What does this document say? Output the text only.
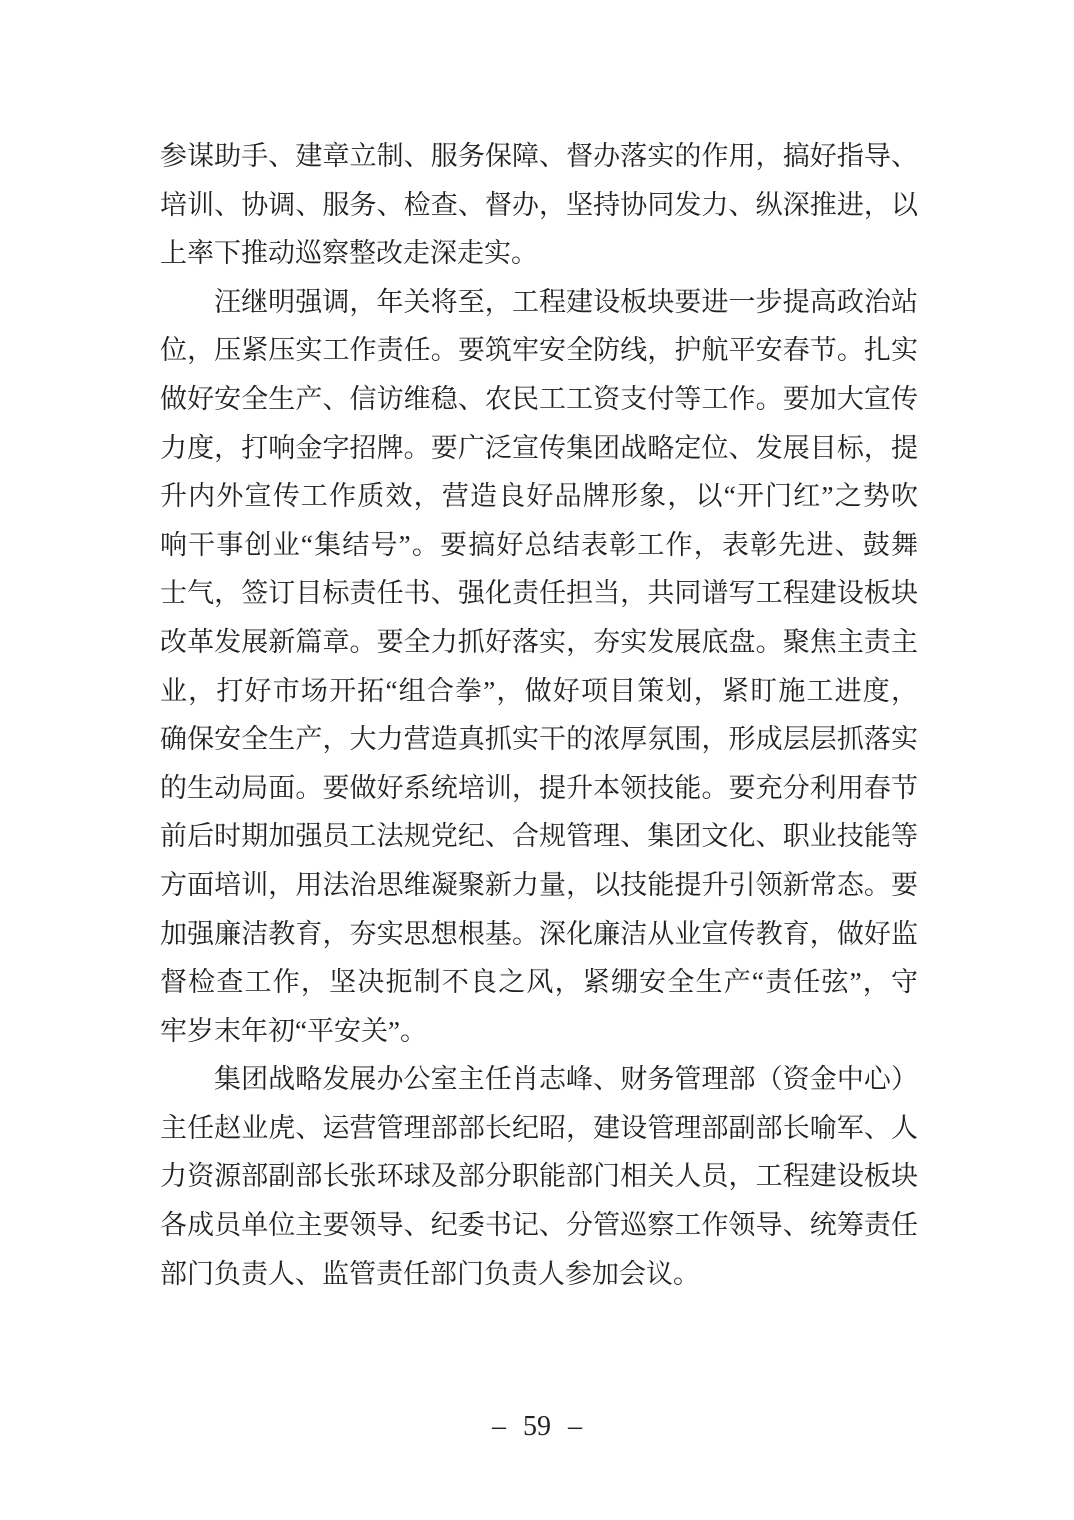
参谋助手、建章立制、服务保障、督办落实的作用，搞好指导、
培训、协调、服务、检查、督办，坚持协同发力、纵深推进，以
上率下推动巡察整改走深走实。
汪继明强调，年关将至，工程建设板块要进一步提高政治站
位，压紧压实工作责任。要筑牢安全防线，护航平安春节。扎实
做好安全生产、信访维稳、农民工工资支付等工作。要加大宣传
力度，打响金字招牌。要广泛宣传集团战略定位、发展目标，提
升内外宣传工作质效，营造良好品牌形象，以“开门红”之势吹
响干事创业“集结号”。要搞好总结表彰工作，表彰先进、鼓舞
士气，签订目标责任书、强化责任担当，共同谱写工程建设板块
改革发展新篇章。要全力抓好落实，夯实发展底盘。聚焦主责主
业，打好市场开拓“组合拳”，做好项目策划，紧盯施工进度，
确保安全生产，大力营造真抓实干的浓厚氛围，形成层层抓落实
的生动局面。要做好系统培训，提升本领技能。要充分利用春节
前后时期加强员工法规党纪、合规管理、集团文化、职业技能等
方面培训，用法治思维凝聚新力量，以技能提升引领新常态。要
加强廉洁教育，夯实思想根基。深化廉洁从业宣传教育，做好监
督检查工作，坚决扼制不良之风，紧绷安全生产“责任弦”，守
牢岁末年初“平安关”。
集团战略发展办公室主任肖志峰、财务管理部（资金中心）
主任赵业虎、运营管理部部长纪昭，建设管理部副部长喻军、人
力资源部副部长张环球及部分职能部门相关人员，工程建设板块
各成员单位主要领导、纪委书记、分管巡察工作领导、统筹责任
部门负责人、监管责任部门负责人参加会议。
– 59 –
